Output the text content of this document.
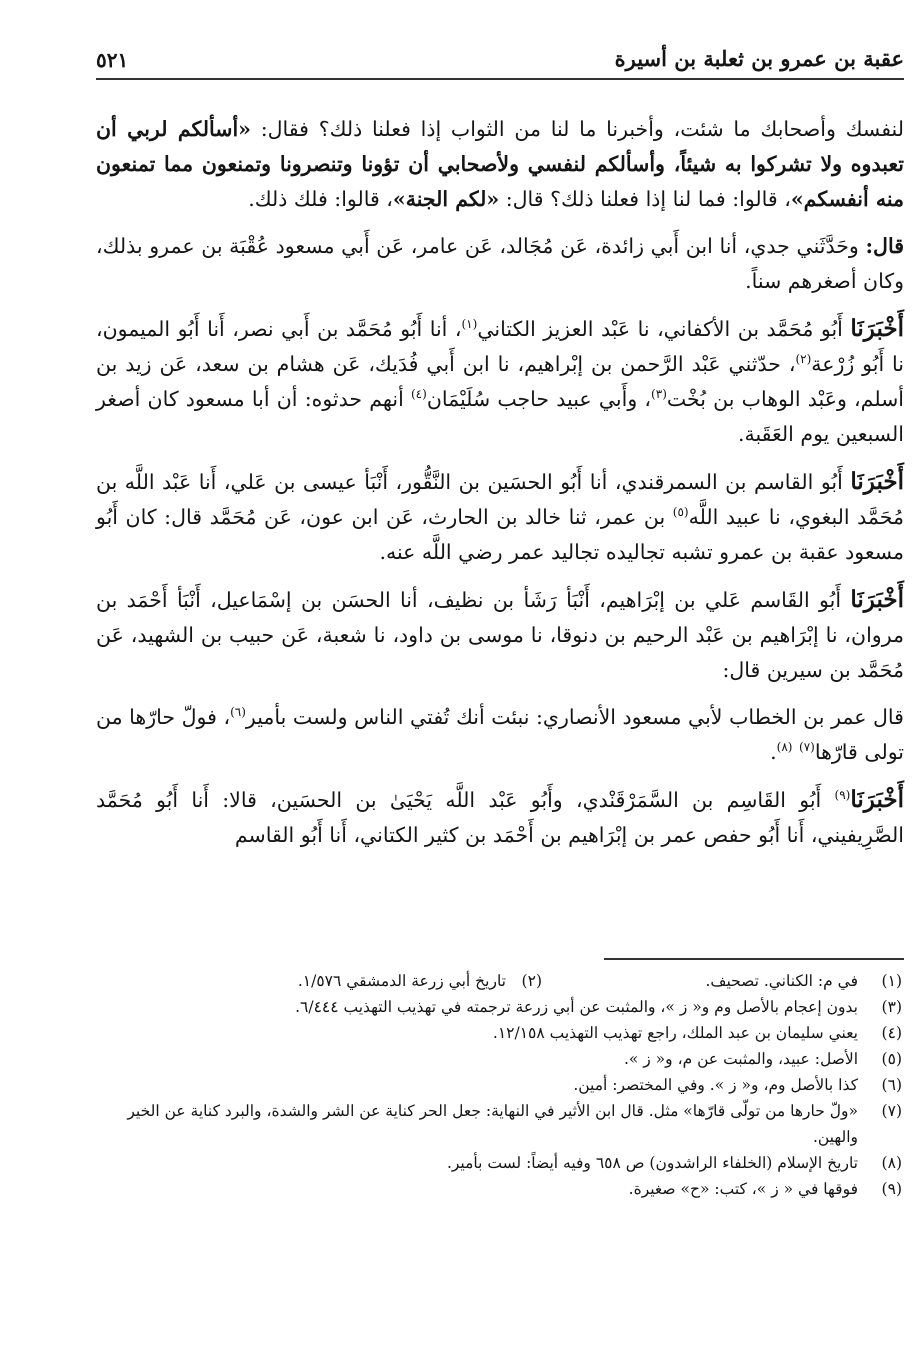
عقبة بن عمرو بن ثعلبة بن أسيرة
٥٢١

لنفسك وأصحابك ما شئت، وأخبرنا ما لنا من الثواب إذا فعلنا ذلك؟ فقال: «أسألكم لربي أن تعبدوه ولا تشركوا به شيئاً، وأسألكم لنفسي ولأصحابي أن تؤونا وتنصرونا وتمنعون مما تمنعون منه أنفسكم»، قالوا: فما لنا إذا فعلنا ذلك؟ قال: «لكم الجنة»، قالوا: فلك ذلك.

قال: وحَدَّثَني جدي، أنا ابن أَبي زائدة، عَن مُجَالد، عَن عامر، عَن أَبي مسعود عُقْبَة بن عمرو بذلك، وكان أصغرهم سناً.

أَخْبَرَنَا أَبُو مُحَمَّد بن الأكفاني، نا عَبْد العزيز الكتاني$^{(١)}$، أنا أَبُو مُحَمَّد بن أَبي نصر، أَنا أَبُو الميمون، نا أَبُو زُرْعة$^{(٢)}$، حدّثني عَبْد الرَّحمن بن إبْراهيم، نا ابن أَبي فُدَيك، عَن هشام بن سعد، عَن زيد بن أسلم، وعَبْد الوهاب بن بُخْت$^{(٣)}$، وأَبي عبيد حاجب سُلَيْمَان$^{(٤)}$ أنهم حدثوه: أن أبا مسعود كان أصغر السبعين يوم العَقَبة.

أَخْبَرَنَا أَبُو القاسم بن السمرقندي، أنا أَبُو الحسَين بن النَّقُّور، أَنْبَأ عيسى بن عَلي، أَنا عَبْد اللَّه بن مُحَمَّد البغوي، نا عبيد اللَّه$^{(٥)}$ بن عمر، ثنا خالد بن الحارث، عَن ابن عون، عَن مُحَمَّد قال: كان أَبُو مسعود عقبة بن عمرو تشبه تجاليده تجاليد عمر رضي اللَّه عنه.

أَخْبَرَنَا أَبُو القَاسم عَلي بن إبْرَاهيم، أَنْبَأ رَشَأ بن نظيف، أنا الحسَن بن إسْمَاعيل، أَنْبَأ أَحْمَد بن مروان، نا إبْرَاهيم بن عَبْد الرحيم بن دنوقا، نا موسى بن داود، نا شعبة، عَن حبيب بن الشهيد، عَن مُحَمَّد بن سيرين قال:

قال عمر بن الخطاب لأبي مسعود الأنصاري: نبئت أنك تُفتي الناس ولست بأمير$^{(٦)}$، فولّ حارّها من تولى قارّها$^{(٧)}$ $^{(٨)}$.

أَخْبَرَنَا$^{(٩)}$ أَبُو القَاسِم بن السَّمَرْقَنْدي، وأَبُو عَبْد اللَّه يَحْيَىٰ بن الحسَين، قالا: أَنا أَبُو مُحَمَّد الصَّرِيفيني، أَنا أَبُو حفص عمر بن إبْرَاهيم بن أَحْمَد بن كثير الكتاني، أَنا أَبُو القاسم

(١)
في م: الكناني. تصحيف.
(٢)
تاريخ أبي زرعة الدمشقي ١/٥٧٦.
(٣)
بدون إعجام بالأصل وم و« ز »، والمثبت عن أبي زرعة ترجمته في تهذيب التهذيب ٦/٤٤٤.
(٤)
يعني سليمان بن عبد الملك، راجع تهذيب التهذيب ١٢/١٥٨.
(٥)
الأصل: عبيد، والمثبت عن م، و« ز ».
(٦)
كذا بالأصل وم، و« ز ». وفي المختصر: أمين.
(٧)
«ولّ حارها من تولّى قارّها» مثل. قال ابن الأثير في النهاية: جعل الحر كناية عن الشر والشدة، والبرد كناية عن الخير والهين.
(٨)
تاريخ الإسلام (الخلفاء الراشدون) ص ٦٥٨ وفيه أيضاً: لست بأمير.
(٩)
فوقها في « ز »، كتب: «ح» صغيرة.
